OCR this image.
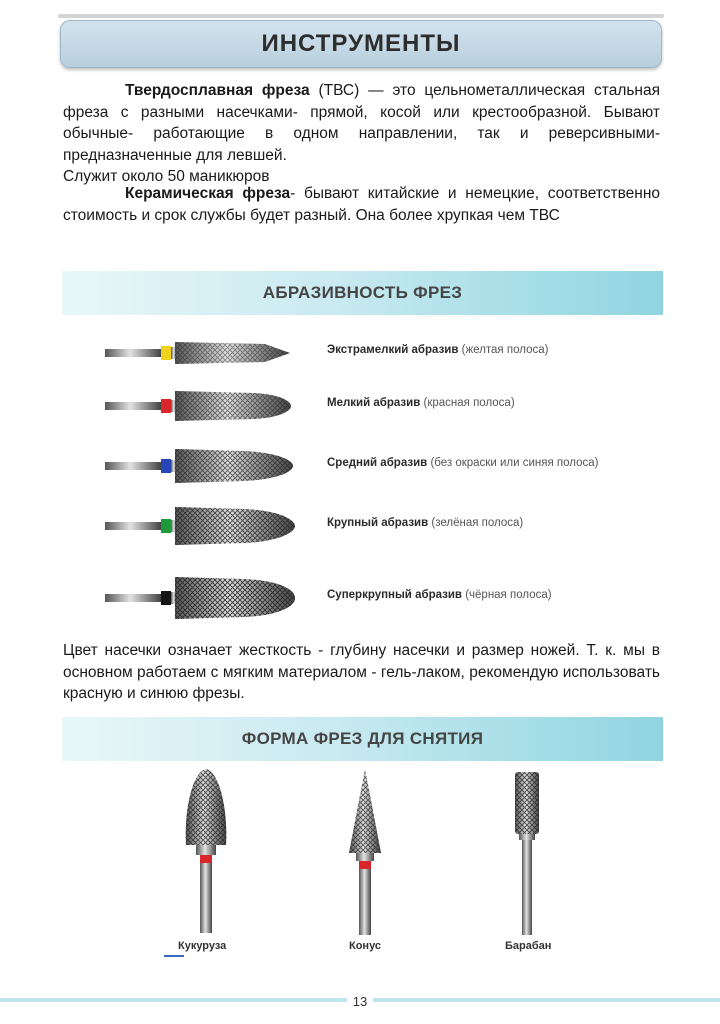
ИНСТРУМЕНТЫ
Твердосплавная фреза (ТВС) — это цельнометаллическая стальная фреза с разными насечками- прямой, косой или крестообразной. Бывают обычные- работающие в одном направлении, так и реверсивными- предназначенные для левшей.
Служит около 50 маникюров
Керамическая фреза- бывают китайские и немецкие, соответственно стоимость и срок службы будет разный. Она более хрупкая чем ТВС
АБРАЗИВНОСТЬ ФРЕЗ
Экстрамелкий абразив (желтая полоса)
Мелкий абразив (красная полоса)
Средний абразив (без окраски или синяя полоса)
Крупный абразив (зелёная полоса)
Суперкрупный абразив (чёрная полоса)
Цвет насечки означает жесткость - глубину насечки и размер ножей. Т. к. мы в основном работаем с мягким материалом - гель-лаком, рекомендую использовать красную и синюю фрезы.
ФОРМА ФРЕЗ ДЛЯ СНЯТИЯ
Кукуруза	Конус	Барабан
13
